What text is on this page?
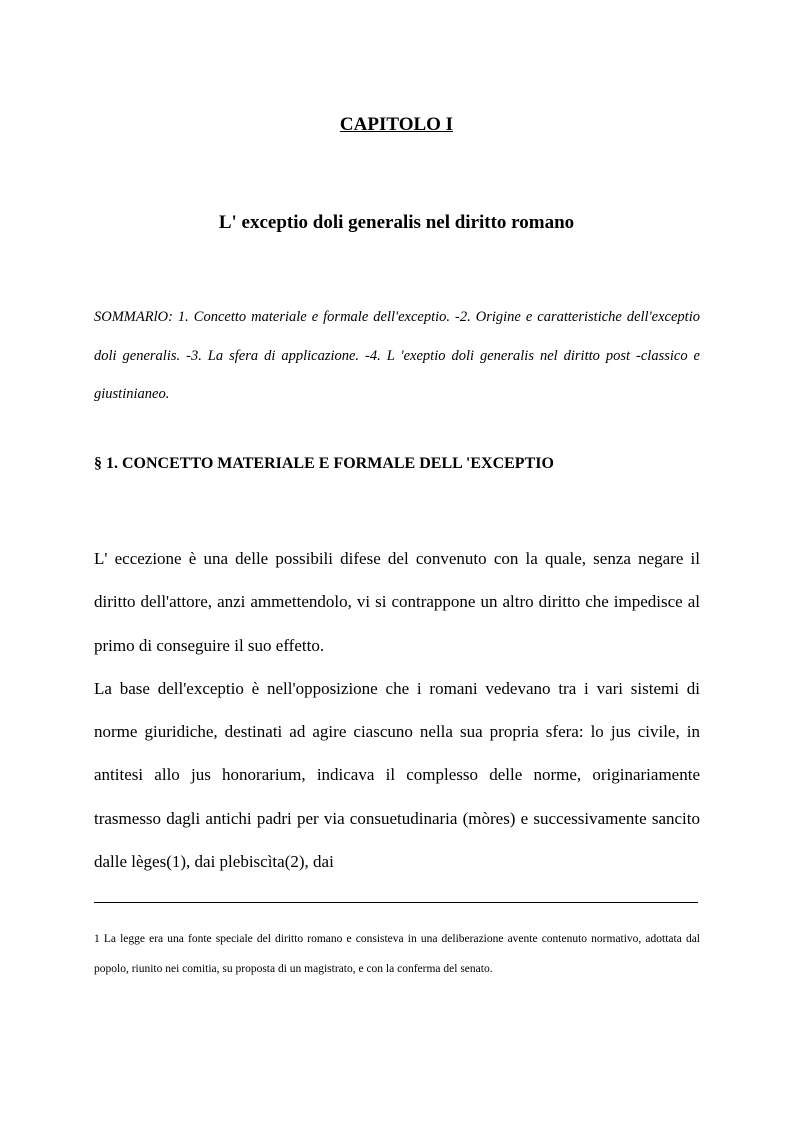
CAPITOLO I
L' exceptio doli generalis nel diritto romano

SOMMARlO: 1. Concetto materiale e formale dell'exceptio. -2. Origine e caratteristiche dell'exceptio doli generalis. -3. La sfera di applicazione. -4. L 'exeptio doli generalis nel diritto post -classico e giustinianeo.

§ 1. CONCETTO MATERIALE E FORMALE DELL 'EXCEPTIO

L' eccezione è una delle possibili difese del convenuto con la quale, senza negare il diritto dell'attore, anzi ammettendolo, vi si contrappone un altro diritto che impedisce al primo di conseguire il suo effetto.

La base dell'exceptio è nell'opposizione che i romani vedevano tra i vari sistemi di norme giuridiche, destinati ad agire ciascuno nella sua propria sfera: lo jus civile, in antitesi allo jus honorarium, indicava il complesso delle norme, originariamente trasmesso dagli antichi padri per via consuetudinaria (mòres) e successivamente sancito dalle lèges(1), dai plebiscìta(2), dai

1 La legge era una fonte speciale del diritto romano e consisteva in una deliberazione avente contenuto normativo, adottata dal popolo, riunito nei comitia, su proposta di un magistrato, e con la conferma del senato.
